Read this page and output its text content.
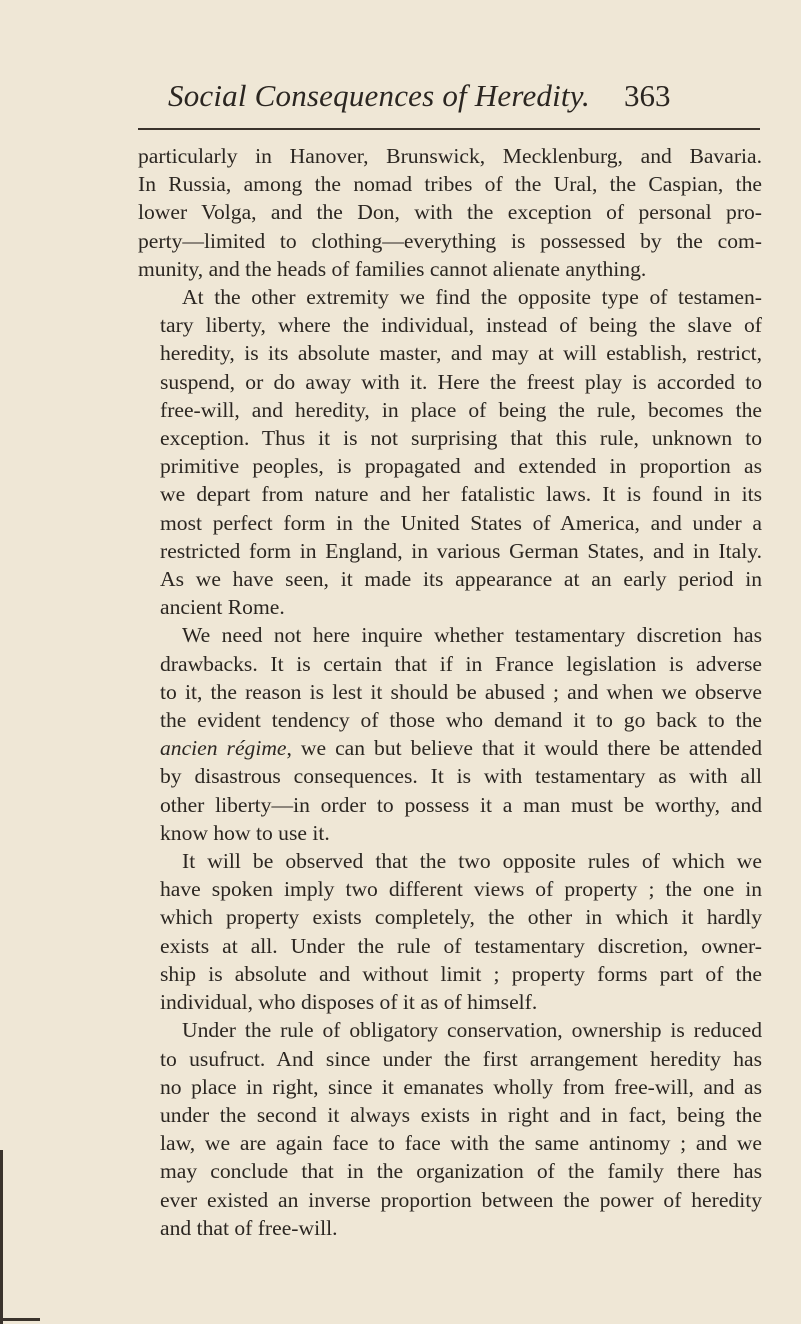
Social Consequences of Heredity. 363

particularly in Hanover, Brunswick, Mecklenburg, and Bavaria.
In Russia, among the nomad tribes of the Ural, the Caspian, the
lower Volga, and the Don, with the exception of personal pro-
perty—limited to clothing—everything is possessed by the com-
munity, and the heads of families cannot alienate anything.

At the other extremity we find the opposite type of testamen-
tary liberty, where the individual, instead of being the slave of
heredity, is its absolute master, and may at will establish, restrict,
suspend, or do away with it. Here the freest play is accorded to
free-will, and heredity, in place of being the rule, becomes the
exception. Thus it is not surprising that this rule, unknown to
primitive peoples, is propagated and extended in proportion as
we depart from nature and her fatalistic laws. It is found in its
most perfect form in the United States of America, and under a
restricted form in England, in various German States, and in Italy.
As we have seen, it made its appearance at an early period in
ancient Rome.

We need not here inquire whether testamentary discretion has
drawbacks. It is certain that if in France legislation is adverse
to it, the reason is lest it should be abused ; and when we observe
the evident tendency of those who demand it to go back to the
ancien régime, we can but believe that it would there be attended
by disastrous consequences. It is with testamentary as with all
other liberty—in order to possess it a man must be worthy, and
know how to use it.

It will be observed that the two opposite rules of which we
have spoken imply two different views of property ; the one in
which property exists completely, the other in which it hardly
exists at all. Under the rule of testamentary discretion, owner-
ship is absolute and without limit ; property forms part of the
individual, who disposes of it as of himself.

Under the rule of obligatory conservation, ownership is reduced
to usufruct. And since under the first arrangement heredity has
no place in right, since it emanates wholly from free-will, and as
under the second it always exists in right and in fact, being the
law, we are again face to face with the same antinomy ; and we
may conclude that in the organization of the family there has
ever existed an inverse proportion between the power of heredity
and that of free-will.
